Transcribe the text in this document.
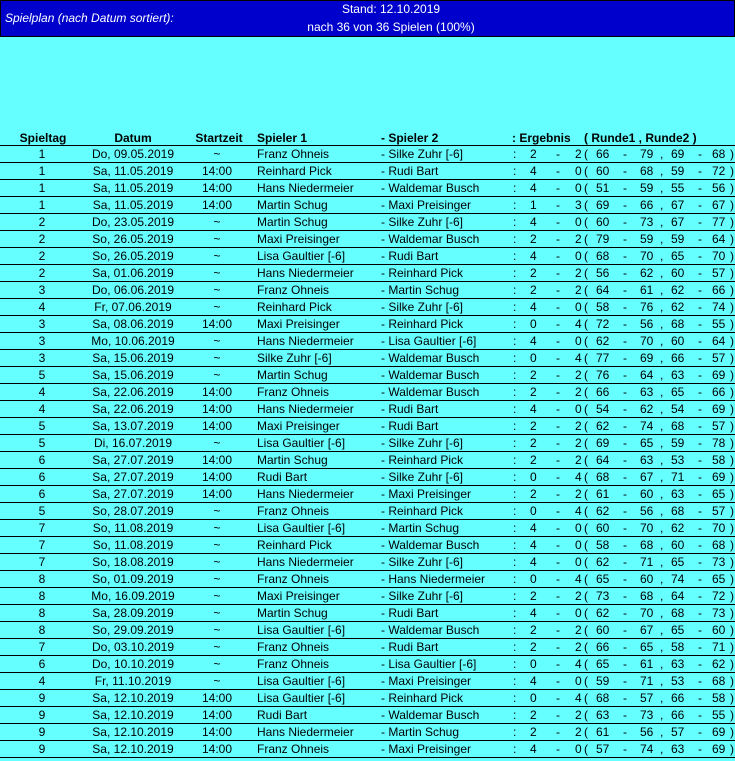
Spielplan (nach Datum sortiert):
Stand: 12.10.2019
nach 36 von 36 Spielen (100%)
Spieltag	Datum	Startzeit	Spieler 1	- Spieler 2	: Ergebnis	( Runde1 , Runde2 )
1	Do, 09.05.2019	~	Franz Ohneis	- Silke Zuhr [-6]	: 2 - 2 ( 66 - 79 , 69 - 68 )
1	Sa, 11.05.2019	14:00	Reinhard Pick	- Rudi Bart	: 4 - 0 ( 60 - 68 , 59 - 72 )
1	Sa, 11.05.2019	14:00	Hans Niedermeier	- Waldemar Busch	: 4 - 0 ( 51 - 59 , 55 - 56 )
1	Sa, 11.05.2019	14:00	Martin Schug	- Maxi Preisinger	: 1 - 3 ( 69 - 66 , 67 - 67 )
2	Do, 23.05.2019	~	Martin Schug	- Silke Zuhr [-6]	: 4 - 0 ( 60 - 73 , 67 - 77 )
2	So, 26.05.2019	~	Maxi Preisinger	- Waldemar Busch	: 2 - 2 ( 79 - 59 , 59 - 64 )
2	So, 26.05.2019	~	Lisa Gaultier [-6]	- Rudi Bart	: 4 - 0 ( 68 - 70 , 65 - 70 )
2	Sa, 01.06.2019	~	Hans Niedermeier	- Reinhard Pick	: 2 - 2 ( 56 - 62 , 60 - 57 )
3	Do, 06.06.2019	~	Franz Ohneis	- Martin Schug	: 2 - 2 ( 64 - 61 , 62 - 66 )
4	Fr, 07.06.2019	~	Reinhard Pick	- Silke Zuhr [-6]	: 4 - 0 ( 58 - 76 , 62 - 74 )
3	Sa, 08.06.2019	14:00	Maxi Preisinger	- Reinhard Pick	: 0 - 4 ( 72 - 56 , 68 - 55 )
3	Mo, 10.06.2019	~	Hans Niedermeier	- Lisa Gaultier [-6]	: 4 - 0 ( 62 - 70 , 60 - 64 )
3	Sa, 15.06.2019	~	Silke Zuhr [-6]	- Waldemar Busch	: 0 - 4 ( 77 - 69 , 66 - 57 )
5	Sa, 15.06.2019	~	Martin Schug	- Waldemar Busch	: 2 - 2 ( 76 - 64 , 63 - 69 )
4	Sa, 22.06.2019	14:00	Franz Ohneis	- Waldemar Busch	: 2 - 2 ( 66 - 63 , 65 - 66 )
4	Sa, 22.06.2019	14:00	Hans Niedermeier	- Rudi Bart	: 4 - 0 ( 54 - 62 , 54 - 69 )
5	Sa, 13.07.2019	14:00	Maxi Preisinger	- Rudi Bart	: 2 - 2 ( 62 - 74 , 68 - 57 )
5	Di, 16.07.2019	~	Lisa Gaultier [-6]	- Silke Zuhr [-6]	: 2 - 2 ( 69 - 65 , 59 - 78 )
6	Sa, 27.07.2019	14:00	Martin Schug	- Reinhard Pick	: 2 - 2 ( 64 - 63 , 53 - 58 )
6	Sa, 27.07.2019	14:00	Rudi Bart	- Silke Zuhr [-6]	: 0 - 4 ( 68 - 67 , 71 - 69 )
6	Sa, 27.07.2019	14:00	Hans Niedermeier	- Maxi Preisinger	: 2 - 2 ( 61 - 60 , 63 - 65 )
5	So, 28.07.2019	~	Franz Ohneis	- Reinhard Pick	: 0 - 4 ( 62 - 56 , 68 - 57 )
7	So, 11.08.2019	~	Lisa Gaultier [-6]	- Martin Schug	: 4 - 0 ( 60 - 70 , 62 - 70 )
7	So, 11.08.2019	~	Reinhard Pick	- Waldemar Busch	: 4 - 0 ( 58 - 68 , 60 - 68 )
7	So, 18.08.2019	~	Hans Niedermeier	- Silke Zuhr [-6]	: 4 - 0 ( 62 - 71 , 65 - 73 )
8	So, 01.09.2019	~	Franz Ohneis	- Hans Niedermeier	: 0 - 4 ( 65 - 60 , 74 - 65 )
8	Mo, 16.09.2019	~	Maxi Preisinger	- Silke Zuhr [-6]	: 2 - 2 ( 73 - 68 , 64 - 72 )
8	Sa, 28.09.2019	~	Martin Schug	- Rudi Bart	: 4 - 0 ( 62 - 70 , 68 - 73 )
8	So, 29.09.2019	~	Lisa Gaultier [-6]	- Waldemar Busch	: 2 - 2 ( 60 - 67 , 65 - 60 )
7	Do, 03.10.2019	~	Franz Ohneis	- Rudi Bart	: 2 - 2 ( 66 - 65 , 58 - 71 )
6	Do, 10.10.2019	~	Franz Ohneis	- Lisa Gaultier [-6]	: 0 - 4 ( 65 - 61 , 63 - 62 )
4	Fr, 11.10.2019	~	Lisa Gaultier [-6]	- Maxi Preisinger	: 4 - 0 ( 59 - 71 , 53 - 68 )
9	Sa, 12.10.2019	14:00	Lisa Gaultier [-6]	- Reinhard Pick	: 0 - 4 ( 68 - 57 , 66 - 58 )
9	Sa, 12.10.2019	14:00	Rudi Bart	- Waldemar Busch	: 2 - 2 ( 63 - 73 , 66 - 55 )
9	Sa, 12.10.2019	14:00	Hans Niedermeier	- Martin Schug	: 2 - 2 ( 61 - 56 , 57 - 69 )
9	Sa, 12.10.2019	14:00	Franz Ohneis	- Maxi Preisinger	: 4 - 0 ( 57 - 74 , 63 - 69 )
